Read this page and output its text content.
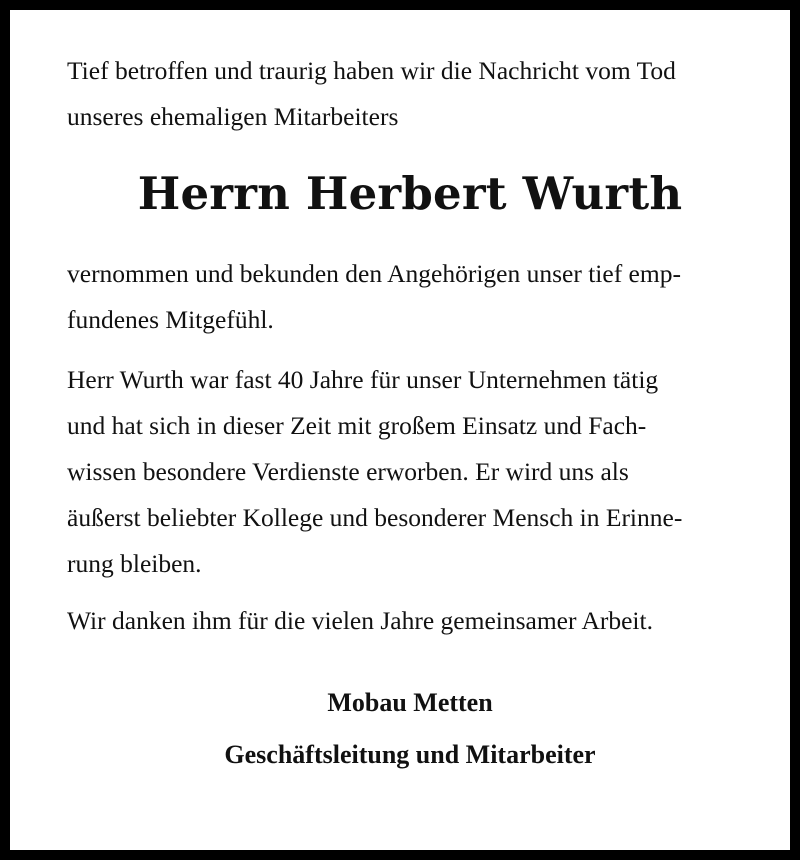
Tief betroffen und traurig haben wir die Nachricht vom Tod
unseres ehemaligen Mitarbeiters

Herrn Herbert Wurth

vernommen und bekunden den Angehörigen unser tief emp-
fundenes Mitgefühl.

Herr Wurth war fast 40 Jahre für unser Unternehmen tätig
und hat sich in dieser Zeit mit großem Einsatz und Fach-
wissen besondere Verdienste erworben. Er wird uns als
äußerst beliebter Kollege und besonderer Mensch in Erinne-
rung bleiben.

Wir danken ihm für die vielen Jahre gemeinsamer Arbeit.

Mobau Metten
Geschäftsleitung und Mitarbeiter
